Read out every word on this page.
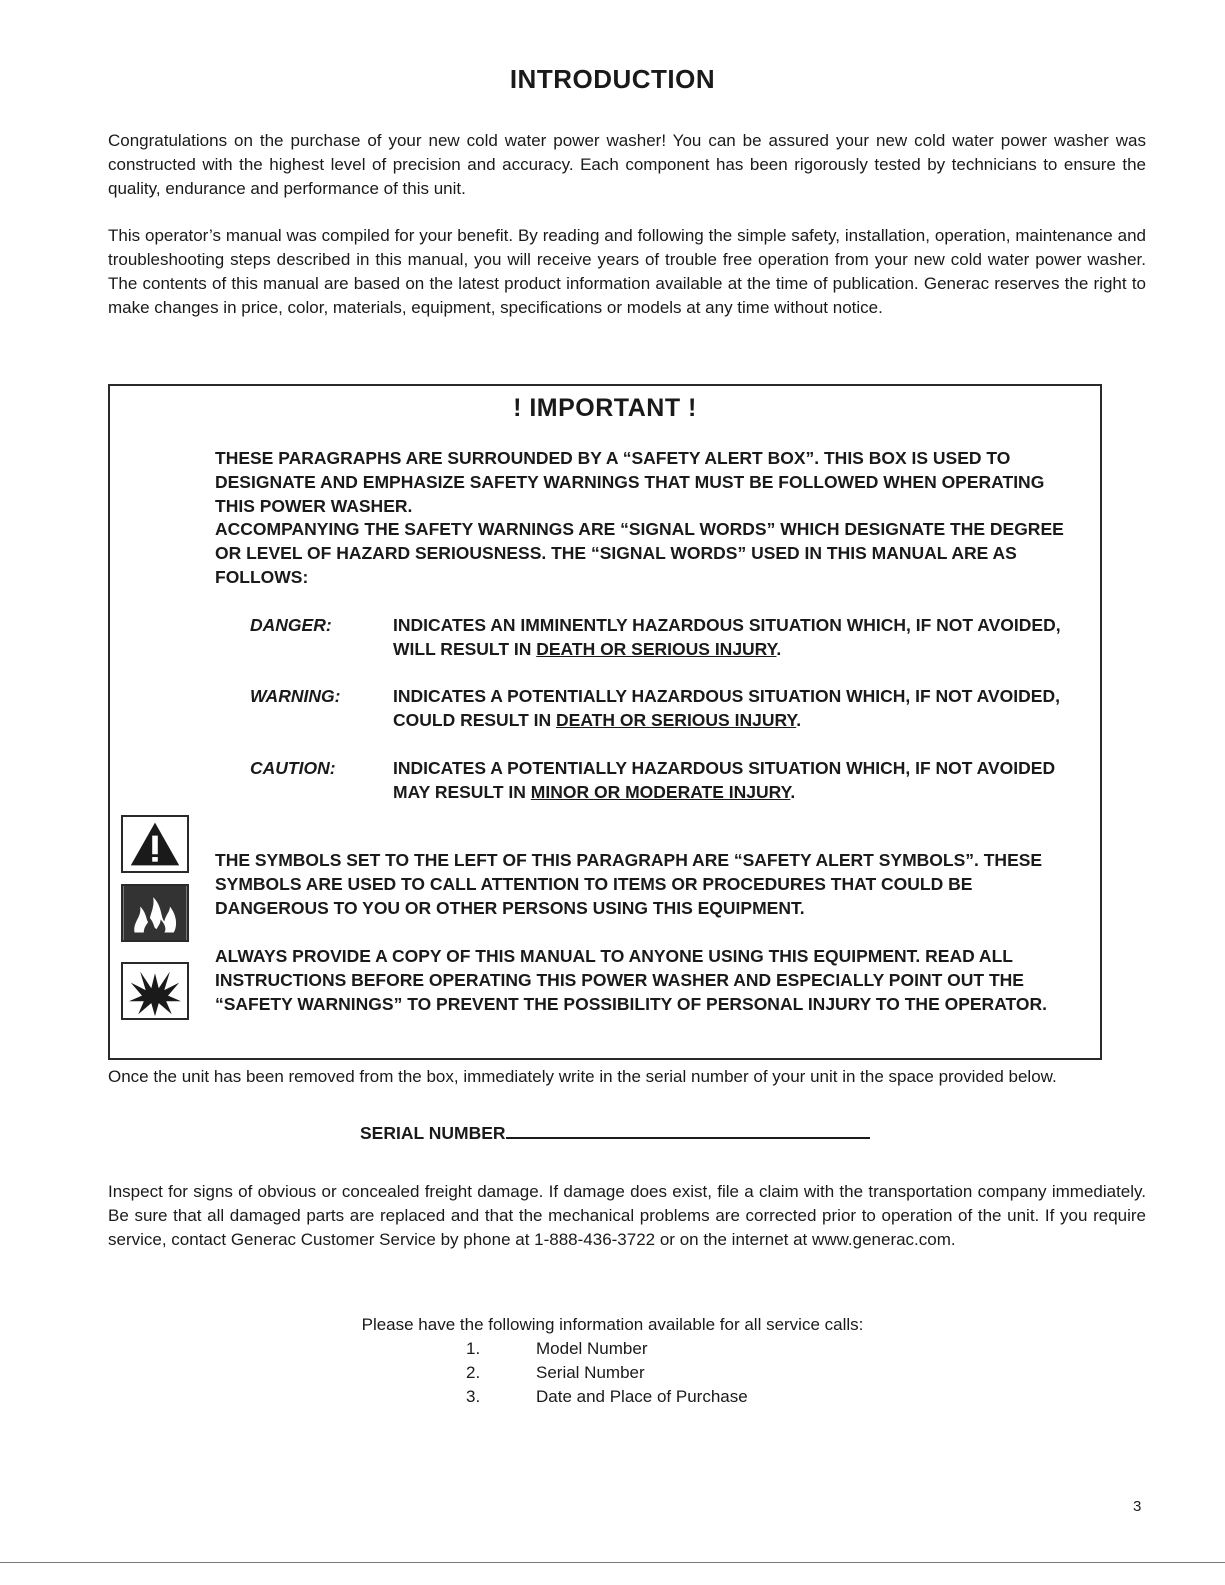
INTRODUCTION
Congratulations on the purchase of your new cold water power washer! You can be assured your new cold water power washer was constructed with the highest level of precision and accuracy. Each component has been rigorously tested by technicians to ensure the quality, endurance and performance of this unit.
This operator’s manual was compiled for your benefit. By reading and following the simple safety, installation, operation, maintenance and troubleshooting steps described in this manual, you will receive years of trouble free operation from your new cold water power washer. The contents of this manual are based on the latest product information available at the time of publication. Generac reserves the right to make changes in price, color, materials, equipment, specifications or models at any time without notice.
! IMPORTANT !
THESE PARAGRAPHS ARE SURROUNDED BY A “SAFETY ALERT BOX”. THIS BOX IS USED TO DESIGNATE AND EMPHASIZE SAFETY WARNINGS THAT MUST BE FOLLOWED WHEN OPERATING THIS POWER WASHER.
ACCOMPANYING THE SAFETY WARNINGS ARE “SIGNAL WORDS” WHICH DESIGNATE THE DEGREE OR LEVEL OF HAZARD SERIOUSNESS. THE “SIGNAL WORDS” USED IN THIS MANUAL ARE AS FOLLOWS:
DANGER:	INDICATES AN IMMINENTLY HAZARDOUS SITUATION WHICH, IF NOT AVOIDED, WILL RESULT IN DEATH OR SERIOUS INJURY.
WARNING:	INDICATES A POTENTIALLY HAZARDOUS SITUATION WHICH, IF NOT AVOIDED, COULD RESULT IN DEATH OR SERIOUS INJURY.
CAUTION:	INDICATES A POTENTIALLY HAZARDOUS SITUATION WHICH, IF NOT AVOIDED MAY RESULT IN MINOR OR MODERATE INJURY.
THE SYMBOLS SET TO THE LEFT OF THIS PARAGRAPH ARE “SAFETY ALERT SYMBOLS”. THESE SYMBOLS ARE USED TO CALL ATTENTION TO ITEMS OR PROCEDURES THAT COULD BE DANGEROUS TO YOU OR OTHER PERSONS USING THIS EQUIPMENT.
ALWAYS PROVIDE A COPY OF THIS MANUAL TO ANYONE USING THIS EQUIPMENT. READ ALL INSTRUCTIONS BEFORE OPERATING THIS POWER WASHER AND ESPECIALLY POINT OUT THE “SAFETY WARNINGS” TO PREVENT THE POSSIBILITY OF PERSONAL INJURY TO THE OPERATOR.
Once the unit has been removed from the box, immediately write in the serial number of your unit in the space provided below.
SERIAL NUMBER
Inspect for signs of obvious or concealed freight damage. If damage does exist, file a claim with the transportation company immediately. Be sure that all damaged parts are replaced and that the mechanical problems are corrected prior to operation of the unit. If you require service, contact Generac Customer Service by phone at 1-888-436-3722 or on the internet at www.generac.com.
Please have the following information available for all service calls:
1.	Model Number
2.	Serial Number
3.	Date and Place of Purchase
3
